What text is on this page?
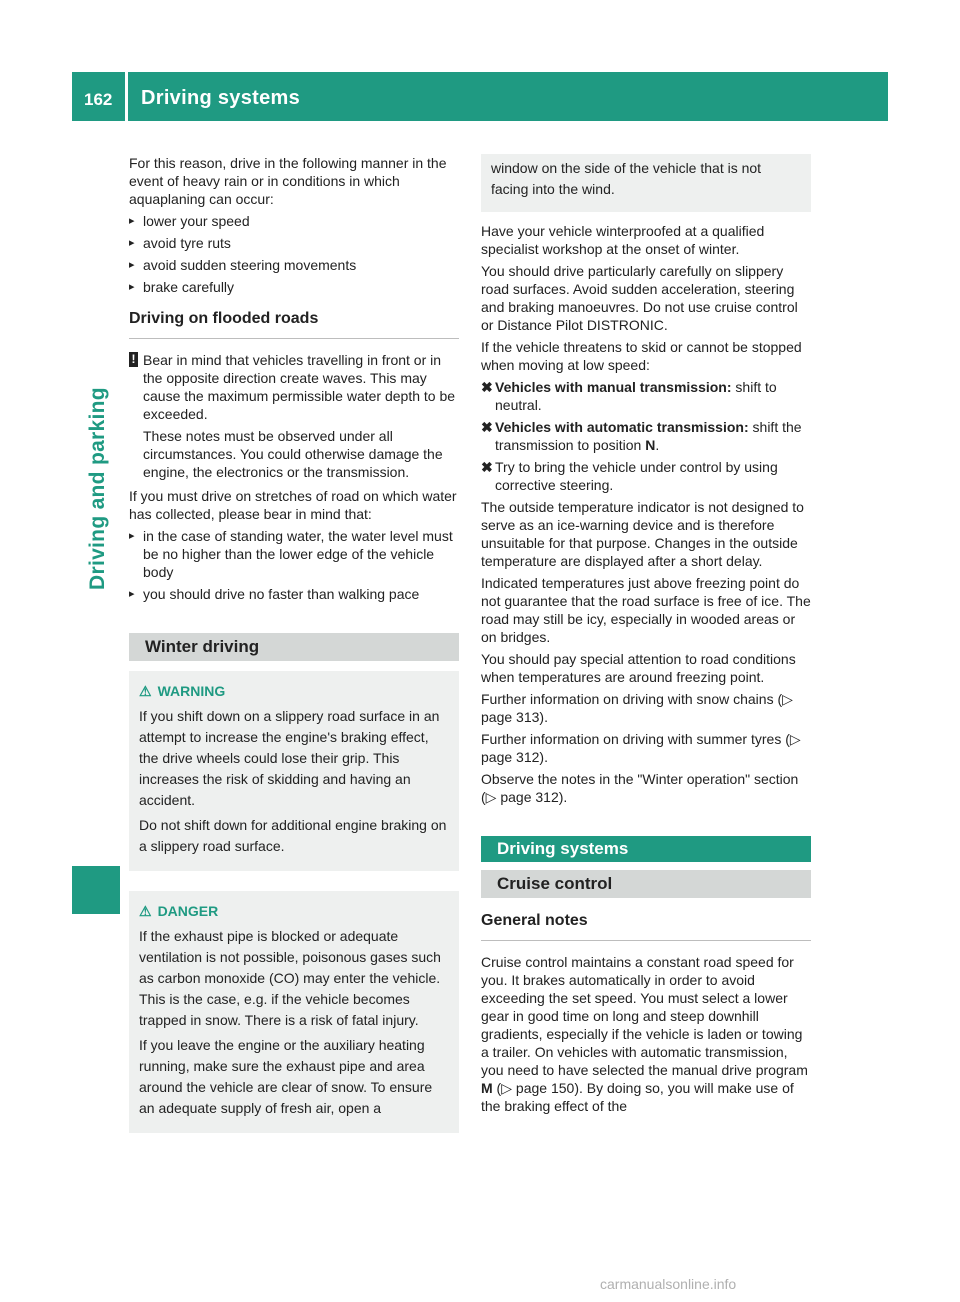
162 Driving systems
Driving and parking

For this reason, drive in the following manner in the event of heavy rain or in conditions in which aquaplaning can occur:

▸ lower your speed
▸ avoid tyre ruts
▸ avoid sudden steering movements
▸ brake carefully
Driving on flooded roads
! Bear in mind that vehicles travelling in front or in the opposite direction create waves. This may cause the maximum permissible water depth to be exceeded.

These notes must be observed under all circumstances. You could otherwise damage the engine, the electronics or the transmission.

If you must drive on stretches of road on which water has collected, please bear in mind that:

▸ in the case of standing water, the water level must be no higher than the lower edge of the vehicle body
▸ you should drive no faster than walking pace
Winter driving
⚠ WARNING

If you shift down on a slippery road surface in an attempt to increase the engine's braking effect, the drive wheels could lose their grip. This increases the risk of skidding and having an accident.

Do not shift down for additional engine braking on a slippery road surface.

⚠ DANGER

If the exhaust pipe is blocked or adequate ventilation is not possible, poisonous gases such as carbon monoxide (CO) may enter the vehicle. This is the case, e.g. if the vehicle becomes trapped in snow. There is a risk of fatal injury.

If you leave the engine or the auxiliary heating running, make sure the exhaust pipe and area around the vehicle are clear of snow. To ensure an adequate supply of fresh air, open a

window on the side of the vehicle that is not facing into the wind.

Have your vehicle winterproofed at a qualified specialist workshop at the onset of winter.

You should drive particularly carefully on slippery road surfaces. Avoid sudden acceleration, steering and braking manoeuvres. Do not use cruise control or Distance Pilot DISTRONIC.

If the vehicle threatens to skid or cannot be stopped when moving at low speed:

✖ Vehicles with manual transmission: shift to neutral.
✖ Vehicles with automatic transmission: shift the transmission to position N.
✖ Try to bring the vehicle under control by using corrective steering.

The outside temperature indicator is not designed to serve as an ice-warning device and is therefore unsuitable for that purpose. Changes in the outside temperature are displayed after a short delay.

Indicated temperatures just above freezing point do not guarantee that the road surface is free of ice. The road may still be icy, especially in wooded areas or on bridges.

You should pay special attention to road conditions when temperatures are around freezing point.

Further information on driving with snow chains (▷ page 313).

Further information on driving with summer tyres (▷ page 312).

Observe the notes in the "Winter operation" section (▷ page 312).

Driving systems
Cruise control
General notes

Cruise control maintains a constant road speed for you. It brakes automatically in order to avoid exceeding the set speed. You must select a lower gear in good time on long and steep downhill gradients, especially if the vehicle is laden or towing a trailer. On vehicles with automatic transmission, you need to have selected the manual drive program M (▷ page 150). By doing so, you will make use of the braking effect of the

carmanualsonline.info
